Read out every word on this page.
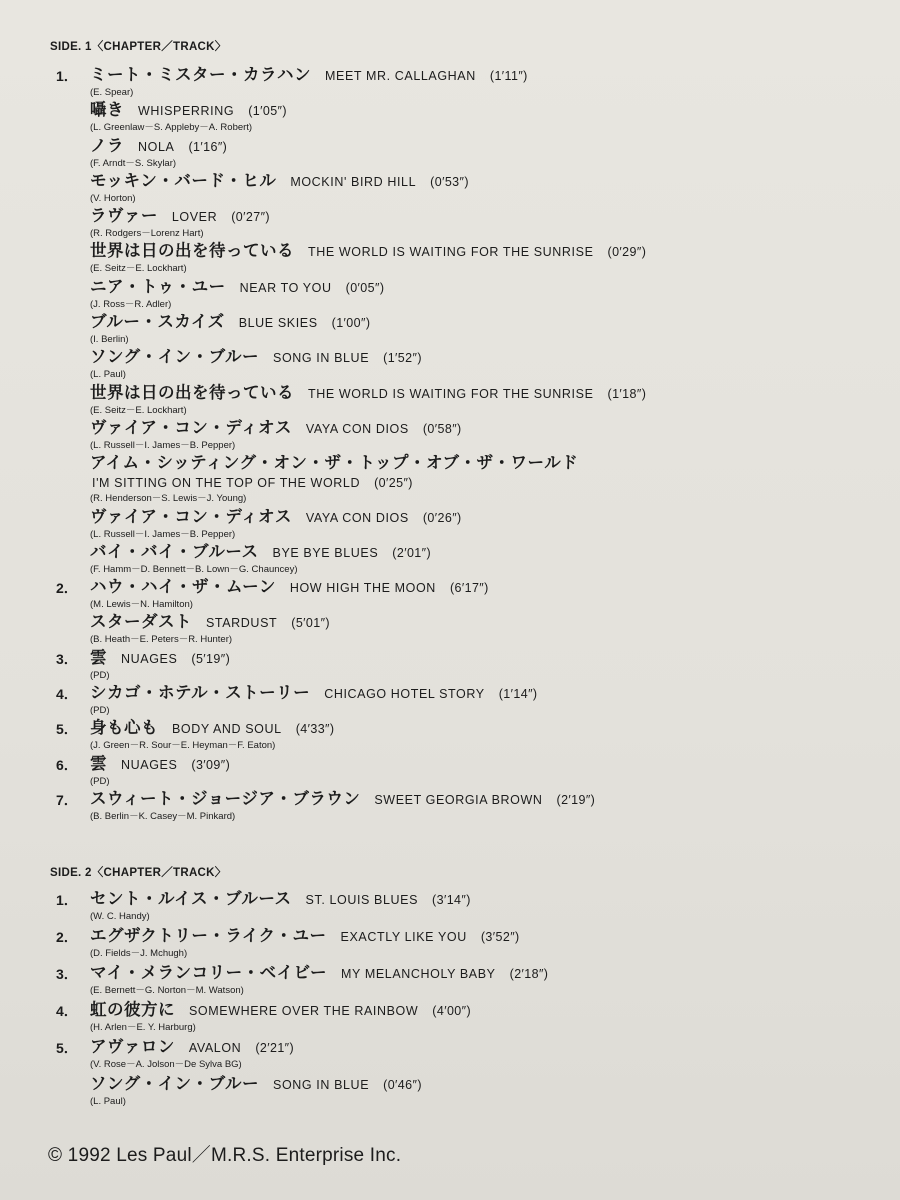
SIDE. 1〈CHAPTER／TRACK〉
1． ミート・ミスター・カラハン MEET MR. CALLAGHAN (1′11″)
(E. Spear)
囁き WHISPERRING (1′05″)
(L. Greenlaw－S. Appleby－A. Robert)
ノラ NOLA (1′16″)
(F. Arndt－S. Skylar)
モッキン・バード・ヒル MOCKIN' BIRD HILL (0′53″)
(V. Horton)
ラヴァー LOVER (0′27″)
(R. Rodgers－Lorenz Hart)
世界は日の出を待っている THE WORLD IS WAITING FOR THE SUNRISE (0′29″)
(E. Seitz－E. Lockhart)
ニア・トゥ・ユー NEAR TO YOU (0′05″)
(J. Ross－R. Adler)
ブルー・スカイズ BLUE SKIES (1′00″)
(I. Berlin)
ソング・イン・ブルー SONG IN BLUE (1′52″)
(L. Paul)
世界は日の出を待っている THE WORLD IS WAITING FOR THE SUNRISE (1′18″)
(E. Seitz－E. Lockhart)
ヴァイア・コン・ディオス VAYA CON DIOS (0′58″)
(L. Russell－I. James－B. Pepper)
アイム・シッティング・オン・ザ・トップ・オブ・ザ・ワールド
I'M SITTING ON THE TOP OF THE WORLD (0′25″)
(R. Henderson－S. Lewis－J. Young)
ヴァイア・コン・ディオス VAYA CON DIOS (0′26″)
(L. Russell－I. James－B. Pepper)
バイ・バイ・ブルース BYE BYE BLUES (2′01″)
(F. Hamm－D. Bennett－B. Lown－G. Chauncey)
2． ハウ・ハイ・ザ・ムーン HOW HIGH THE MOON (6′17″)
(M. Lewis－N. Hamilton)
スターダスト STARDUST (5′01″)
(B. Heath－E. Peters－R. Hunter)
3． 雲 NUAGES (5′19″)
(PD)
4． シカゴ・ホテル・ストーリー CHICAGO HOTEL STORY (1′14″)
(PD)
5． 身も心も BODY AND SOUL (4′33″)
(J. Green－R. Sour－E. Heyman－F. Eaton)
6． 雲 NUAGES (3′09″)
(PD)
7． スウィート・ジョージア・ブラウン SWEET GEORGIA BROWN (2′19″)
(B. Berlin－K. Casey－M. Pinkard)
SIDE. 2〈CHAPTER／TRACK〉
1． セント・ルイス・ブルース ST. LOUIS BLUES (3′14″)
(W. C. Handy)
2． エグザクトリー・ライク・ユー EXACTLY LIKE YOU (3′52″)
(D. Fields－J. Mchugh)
3． マイ・メランコリー・ベイビー MY MELANCHOLY BABY (2′18″)
(E. Bernett－G. Norton－M. Watson)
4． 虹の彼方に SOMEWHERE OVER THE RAINBOW (4′00″)
(H. Arlen－E. Y. Harburg)
5． アヴァロン AVALON (2′21″)
(V. Rose－A. Jolson－De Sylva BG)
ソング・イン・ブルー SONG IN BLUE (0′46″)
(L. Paul)
© 1992 Les Paul／M.R.S. Enterprise Inc.
